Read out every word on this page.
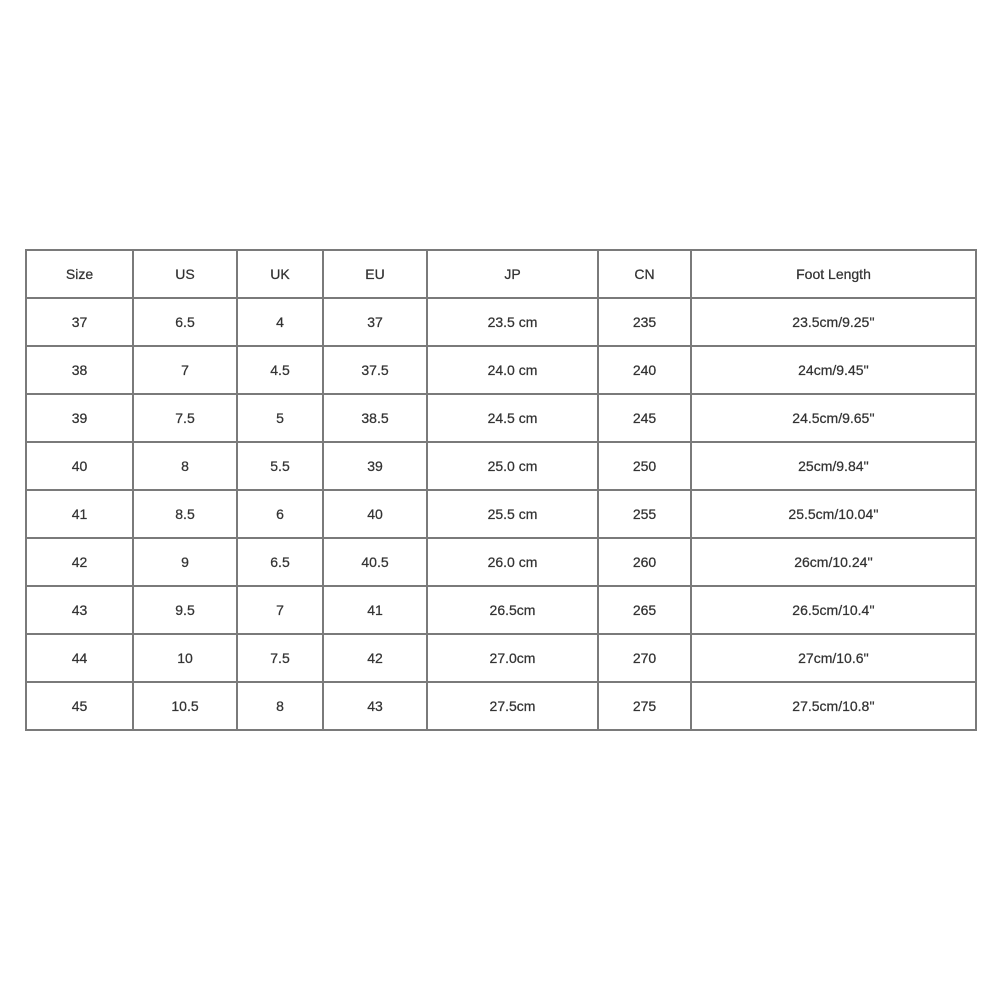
Size	US	UK	EU	JP	CN	Foot Length
37	6.5	4	37	23.5 cm	235	23.5cm/9.25''
38	7	4.5	37.5	24.0 cm	240	24cm/9.45''
39	7.5	5	38.5	24.5 cm	245	24.5cm/9.65''
40	8	5.5	39	25.0 cm	250	25cm/9.84''
41	8.5	6	40	25.5 cm	255	25.5cm/10.04''
42	9	6.5	40.5	26.0 cm	260	26cm/10.24''
43	9.5	7	41	26.5cm	265	26.5cm/10.4''
44	10	7.5	42	27.0cm	270	27cm/10.6''
45	10.5	8	43	27.5cm	275	27.5cm/10.8''
